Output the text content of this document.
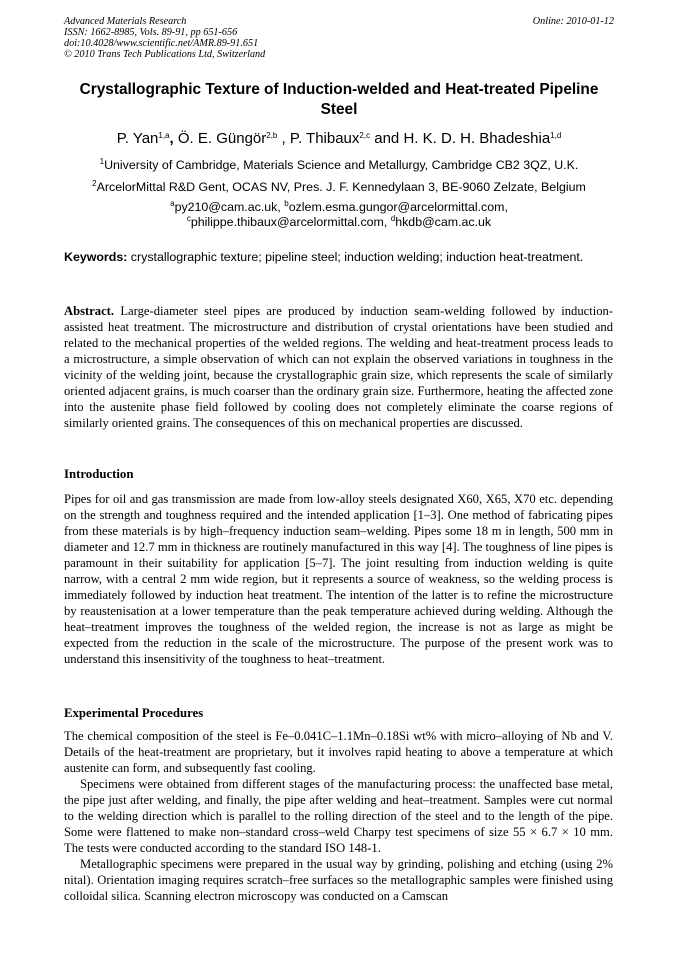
Advanced Materials Research
ISSN: 1662-8985, Vols. 89-91, pp 651-656
doi:10.4028/www.scientific.net/AMR.89-91.651
© 2010 Trans Tech Publications Ltd, Switzerland
Online: 2010-01-12
Crystallographic Texture of Induction-welded and Heat-treated Pipeline Steel
P. Yan$^{1,a}$, Ö. E. Güngör$^{2,b}$ , P. Thibaux$^{2,c}$ and H. K. D. H. Bhadeshia$^{1,d}$
$^1$University of Cambridge, Materials Science and Metallurgy, Cambridge CB2 3QZ, U.K.
$^2$ArcelorMittal R&D Gent, OCAS NV, Pres. J. F. Kennedylaan 3, BE-9060 Zelzate, Belgium
$^a$py210@cam.ac.uk, $^b$ozlem.esma.gungor@arcelormittal.com,
$^c$philippe.thibaux@arcelormittal.com, $^d$hkdb@cam.ac.uk
Keywords: crystallographic texture; pipeline steel; induction welding; induction heat-treatment.

Abstract. Large-diameter steel pipes are produced by induction seam-welding followed by induction-assisted heat treatment. The microstructure and distribution of crystal orientations have been studied and related to the mechanical properties of the welded regions. The welding and heat-treatment process leads to a microstructure, a simple observation of which can not explain the observed variations in toughness in the vicinity of the welding joint, because the crystallographic grain size, which represents the scale of similarly oriented adjacent grains, is much coarser than the ordinary grain size. Furthermore, heating the affected zone into the austenite phase field followed by cooling does not completely eliminate the coarse regions of similarly oriented grains. The consequences of this on mechanical properties are discussed.

Introduction

Pipes for oil and gas transmission are made from low-alloy steels designated X60, X65, X70 etc. depending on the strength and toughness required and the intended application [1–3]. One method of fabricating pipes from these materials is by high–frequency induction seam–welding. Pipes some 18 m in length, 500 mm in diameter and 12.7 mm in thickness are routinely manufactured in this way [4]. The toughness of line pipes is paramount in their suitability for application [5–7]. The joint resulting from induction welding is quite narrow, with a central 2 mm wide region, but it represents a source of weakness, so the welding process is immediately followed by induction heat treatment. The intention of the latter is to refine the microstructure by reaustenisation at a lower temperature than the peak temperature achieved during welding. Although the heat–treatment improves the toughness of the welded region, the increase is not as large as might be expected from the reduction in the scale of the microstructure. The purpose of the present work was to understand this insensitivity of the toughness to heat–treatment.

Experimental Procedures

The chemical composition of the steel is Fe–0.041C–1.1Mn–0.18Si wt% with micro–alloying of Nb and V. Details of the heat-treatment are proprietary, but it involves rapid heating to above a temperature at which austenite can form, and subsequently fast cooling.

Specimens were obtained from different stages of the manufacturing process: the unaffected base metal, the pipe just after welding, and finally, the pipe after welding and heat–treatment. Samples were cut normal to the welding direction which is parallel to the rolling direction of the steel and to the length of the pipe. Some were flattened to make non–standard cross–weld Charpy test specimens of size 55 × 6.7 × 10 mm. The tests were conducted according to the standard ISO 148-1.

Metallographic specimens were prepared in the usual way by grinding, polishing and etching (using 2% nital). Orientation imaging requires scratch–free surfaces so the metallographic samples were finished using colloidal silica. Scanning electron microscopy was conducted on a Camscan
